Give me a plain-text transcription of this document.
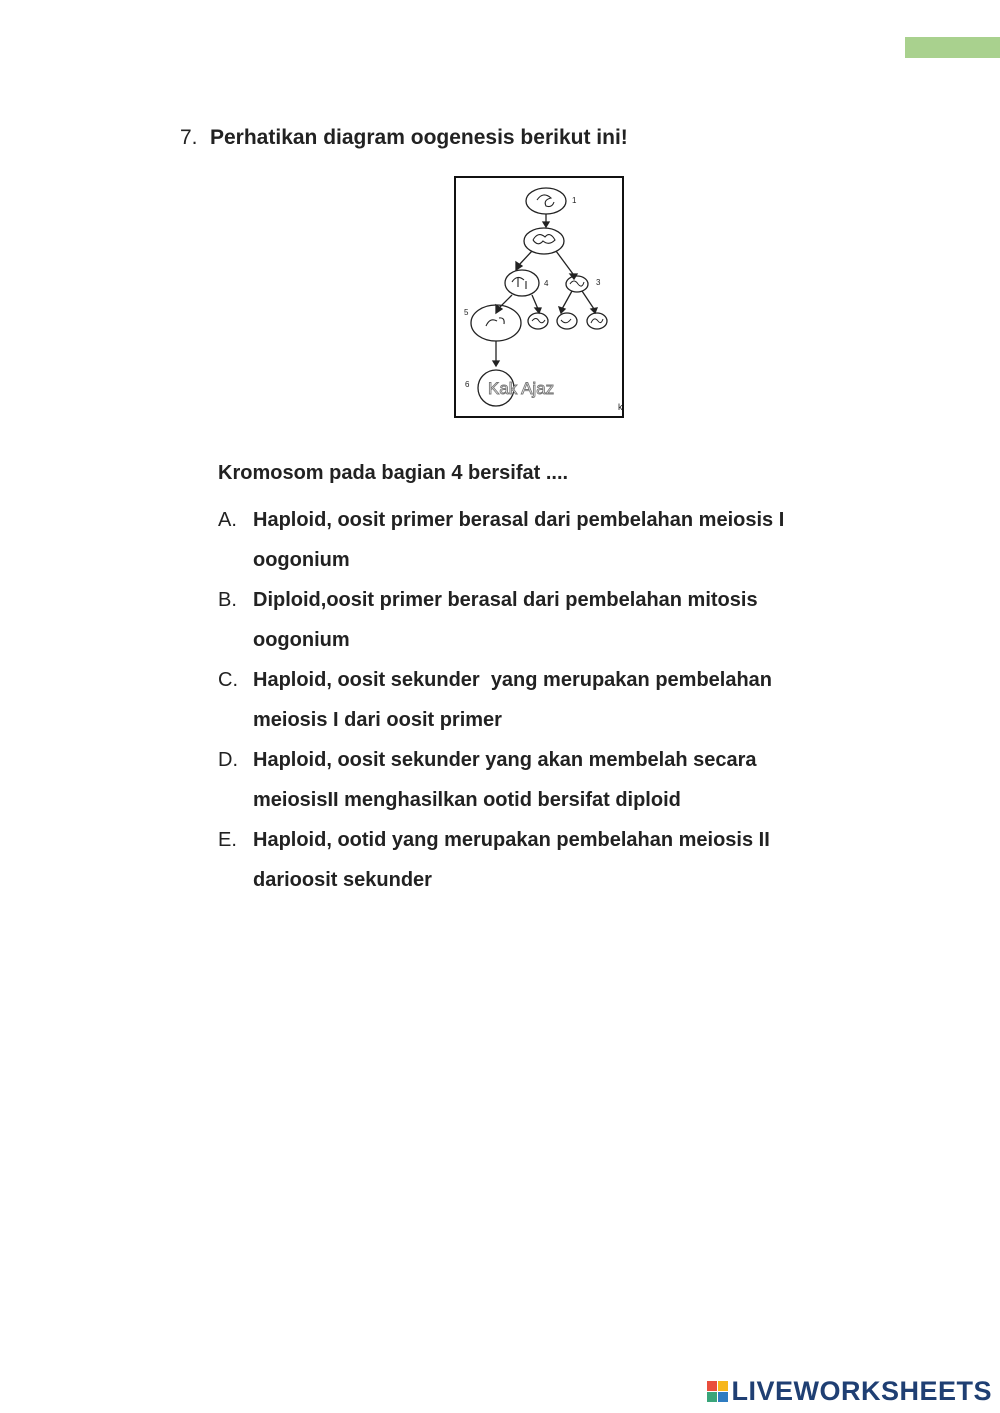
7. Perhatikan diagram oogenesis berikut ini!
1
4	3
5
6
k
Kak Ajaz
Kromosom pada bagian 4 bersifat ....
A. Haploid, oosit primer berasal dari pembelahan meiosis I
oogonium
B. Diploid,oosit primer berasal dari pembelahan mitosis
oogonium
C. Haploid, oosit sekunder  yang merupakan pembelahan
meiosis I dari oosit primer
D. Haploid, oosit sekunder yang akan membelah secara
meiosisII menghasilkan ootid bersifat diploid
E. Haploid, ootid yang merupakan pembelahan meiosis II
darioosit sekunder
LIVEWORKSHEETS
